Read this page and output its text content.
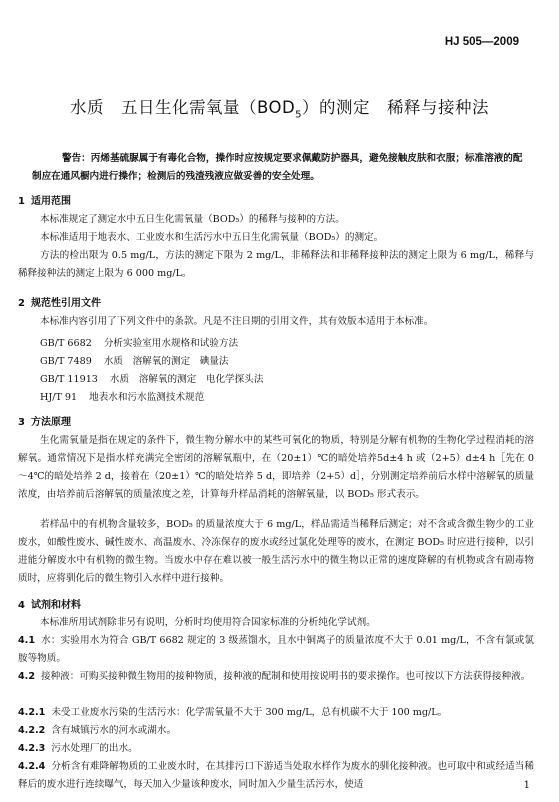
HJ 505—2009
水质　五日生化需氧量$(BOD_5)$的测定　稀释与接种法
警告：丙烯基硫脲属于有毒化合物，操作时应按规定要求佩戴防护器具，避免接触皮肤和衣服；标准溶液的配制应在通风橱内进行操作；检测后的残渣残液应做妥善的安全处理。
1 适用范围
本标准规定了测定水中五日生化需氧量（BOD₅）的稀释与接种的方法。
本标准适用于地表水、工业废水和生活污水中五日生化需氧量（BOD₅）的测定。
方法的检出限为 0.5 mg/L，方法的测定下限为 2 mg/L，非稀释法和非稀释接种法的测定上限为 6 mg/L，稀释与稀释接种法的测定上限为 6 000 mg/L。
2 规范性引用文件
本标准内容引用了下列文件中的条款。凡是不注日期的引用文件，其有效版本适用于本标准。
GB/T 6682 分析实验室用水规格和试验方法
GB/T 7489 水质　溶解氧的测定　碘量法
GB/T 11913 水质　溶解氧的测定　电化学探头法
HJ/T 91 地表水和污水监测技术规范
3 方法原理
生化需氧量是指在规定的条件下，微生物分解水中的某些可氧化的物质，特别是分解有机物的生物化学过程消耗的溶解氧。通常情况下是指水样充满完全密闭的溶解氧瓶中，在（20±1）℃的暗处培养5d±4 h 或（2+5）d±4 h［先在 0～4℃的暗处培养 2 d，接着在（20±1）℃的暗处培养 5 d，即培养（2+5）d］，分别测定培养前后水样中溶解氧的质量浓度，由培养前后溶解氧的质量浓度之差，计算每升样品消耗的溶解氧量，以 BOD₅ 形式表示。
若样品中的有机物含量较多，BOD₅ 的质量浓度大于 6 mg/L，样品需适当稀释后测定；对不含或含微生物少的工业废水，如酸性废水、碱性废水、高温废水、冷冻保存的废水或经过氯化处理等的废水，在测定 BOD₅ 时应进行接种，以引进能分解废水中有机物的微生物。当废水中存在难以被一般生活污水中的微生物以正常的速度降解的有机物或含有剧毒物质时，应将驯化后的微生物引入水样中进行接种。
4 试剂和材料
本标准所用试剂除非另有说明，分析时均使用符合国家标准的分析纯化学试剂。
4.1 水：实验用水为符合 GB/T 6682 规定的 3 级蒸馏水，且水中铜离子的质量浓度不大于 0.01 mg/L，不含有氯或氯胺等物质。
4.2 接种液：可购买接种微生物用的接种物质，接种液的配制和使用按说明书的要求操作。也可按以下方法获得接种液。
4.2.1 未受工业废水污染的生活污水：化学需氧量不大于 300 mg/L，总有机碳不大于 100 mg/L。
4.2.2 含有城镇污水的河水或湖水。
4.2.3 污水处理厂的出水。
4.2.4 分析含有难降解物质的工业废水时，在其排污口下游适当处取水样作为废水的驯化接种液。也可取中和或经适当稀释后的废水进行连续曝气，每天加入少量该种废水，同时加入少量生活污水，使适	1
